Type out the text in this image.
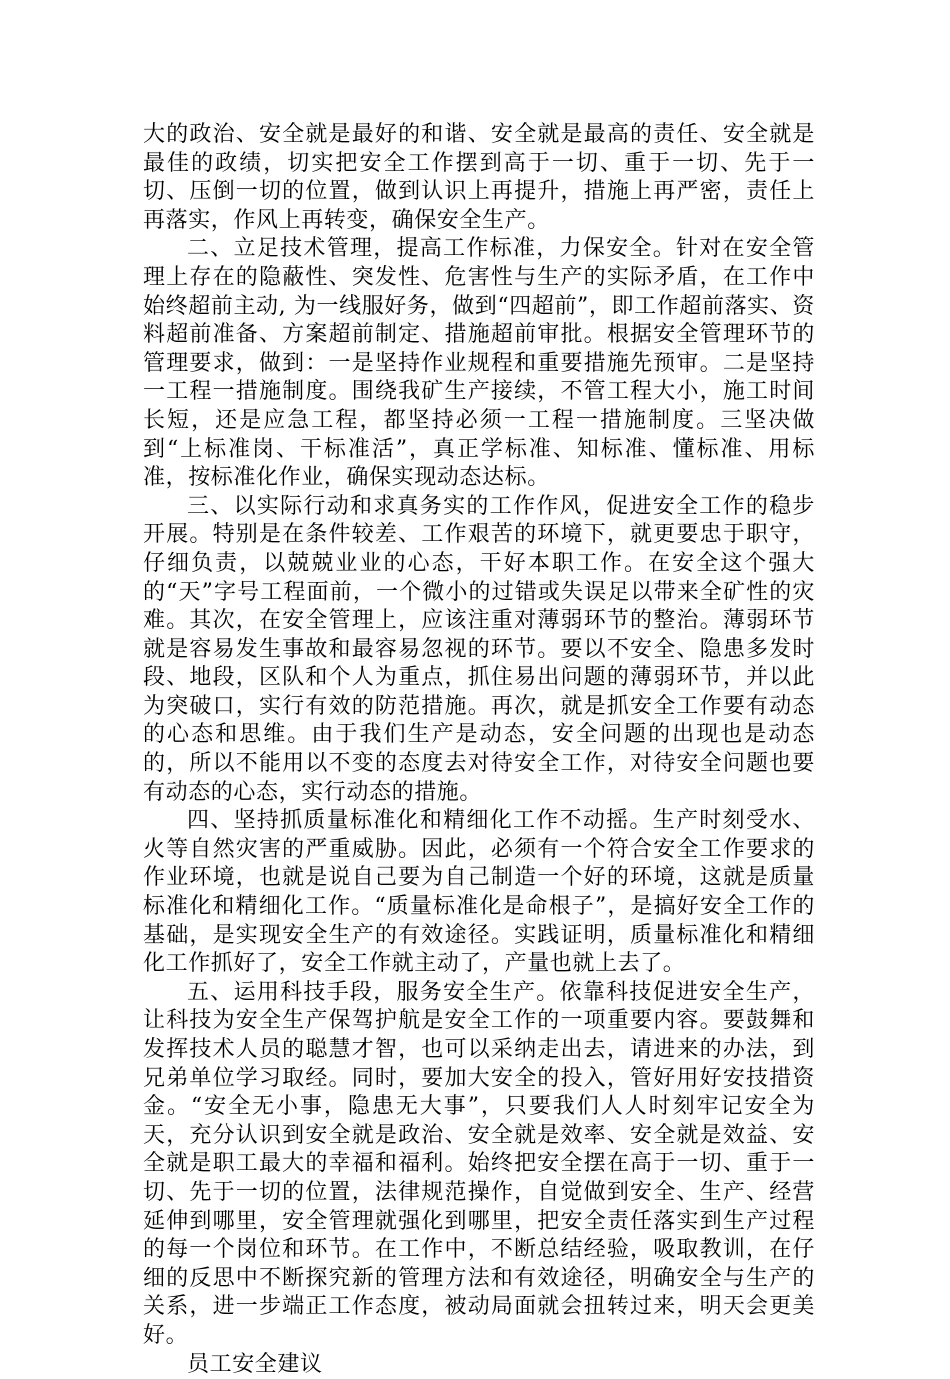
大的政治、安全就是最好的和谐、安全就是最高的责任、安全就是最佳的政绩，切实把安全工作摆到高于一切、重于一切、先于一切、压倒一切的位置，做到认识上再提升，措施上再严密，责任上再落实，作风上再转变，确保安全生产。

二、立足技术管理，提高工作标准，力保安全。针对在安全管理上存在的隐蔽性、突发性、危害性与生产的实际矛盾，在工作中始终超前主动, 为一线服好务，做到“四超前”，即工作超前落实、资料超前准备、方案超前制定、措施超前审批。根据安全管理环节的管理要求，做到：一是坚持作业规程和重要措施先预审。二是坚持一工程一措施制度。围绕我矿生产接续，不管工程大小，施工时间长短，还是应急工程，都坚持必须一工程一措施制度。三坚决做到“上标准岗、干标准活”，真正学标准、知标准、懂标准、用标准，按标准化作业，确保实现动态达标。

三、以实际行动和求真务实的工作作风，促进安全工作的稳步开展。特别是在条件较差、工作艰苦的环境下，就更要忠于职守，仔细负责，以兢兢业业的心态，干好本职工作。在安全这个强大的“天”字号工程面前，一个微小的过错或失误足以带来全矿性的灾难。其次，在安全管理上，应该注重对薄弱环节的整治。薄弱环节就是容易发生事故和最容易忽视的环节。要以不安全、隐患多发时段、地段，区队和个人为重点，抓住易出问题的薄弱环节，并以此为突破口，实行有效的防范措施。再次，就是抓安全工作要有动态的心态和思维。由于我们生产是动态，安全问题的出现也是动态的，所以不能用以不变的态度去对待安全工作，对待安全问题也要有动态的心态，实行动态的措施。

四、坚持抓质量标准化和精细化工作不动摇。生产时刻受水、火等自然灾害的严重威胁。因此，必须有一个符合安全工作要求的作业环境，也就是说自己要为自己制造一个好的环境，这就是质量标准化和精细化工作。“质量标准化是命根子”，是搞好安全工作的基础，是实现安全生产的有效途径。实践证明，质量标准化和精细化工作抓好了，安全工作就主动了，产量也就上去了。

五、运用科技手段，服务安全生产。依靠科技促进安全生产，让科技为安全生产保驾护航是安全工作的一项重要内容。要鼓舞和发挥技术人员的聪慧才智，也可以采纳走出去，请进来的办法，到兄弟单位学习取经。同时，要加大安全的投入，管好用好安技措资金。“安全无小事，隐患无大事”，只要我们人人时刻牢记安全为天，充分认识到安全就是政治、安全就是效率、安全就是效益、安全就是职工最大的幸福和福利。始终把安全摆在高于一切、重于一切、先于一切的位置，法律规范操作，自觉做到安全、生产、经营延伸到哪里，安全管理就强化到哪里，把安全责任落实到生产过程的每一个岗位和环节。在工作中，不断总结经验，吸取教训，在仔细的反思中不断探究新的管理方法和有效途径，明确安全与生产的关系，进一步端正工作态度，被动局面就会扭转过来，明天会更美好。

员工安全建议
